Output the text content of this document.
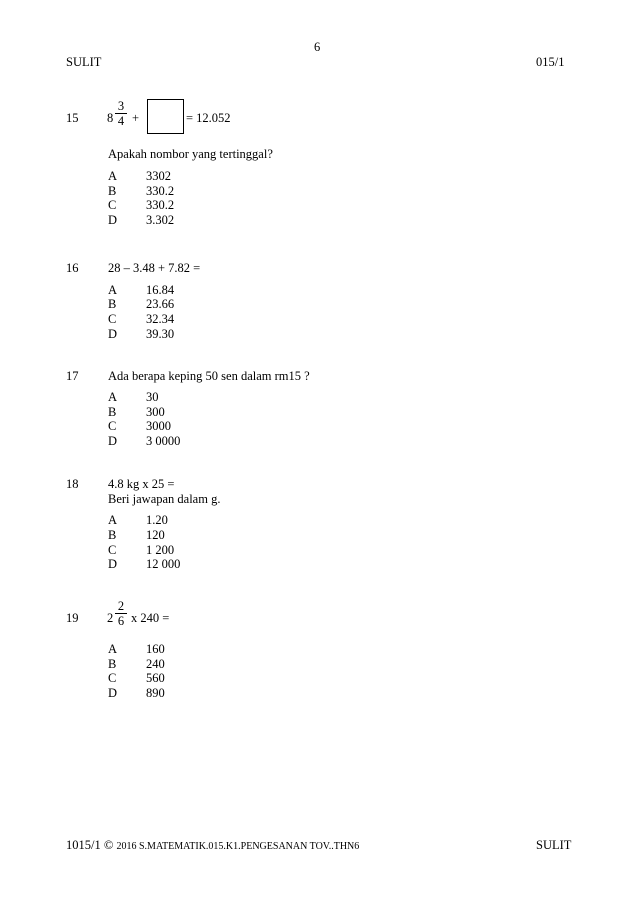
6
SULIT	015/1
15 8
3
4 +	= 12.052
Apakah nombor yang tertinggal?
A 3302
B 330.2
C 330.2
D 3.302
16 28 – 3.48 + 7.82 =
A 16.84
B 23.66
C 32.34
D 39.30
17 Ada berapa keping 50 sen dalam rm15 ?
A 30
B 300
C 3000
D 3 0000
18 4.8 kg x 25 =
Beri jawapan dalam g.
A 1.20
B 120
C 1 200
D 12 000
19 2
2
6 x 240 =
A 160
B 240
C 560
D 890
1015/1 © 2016 S.MATEMATIK.015.K1.PENGESANAN TOV..THN6	SULIT
